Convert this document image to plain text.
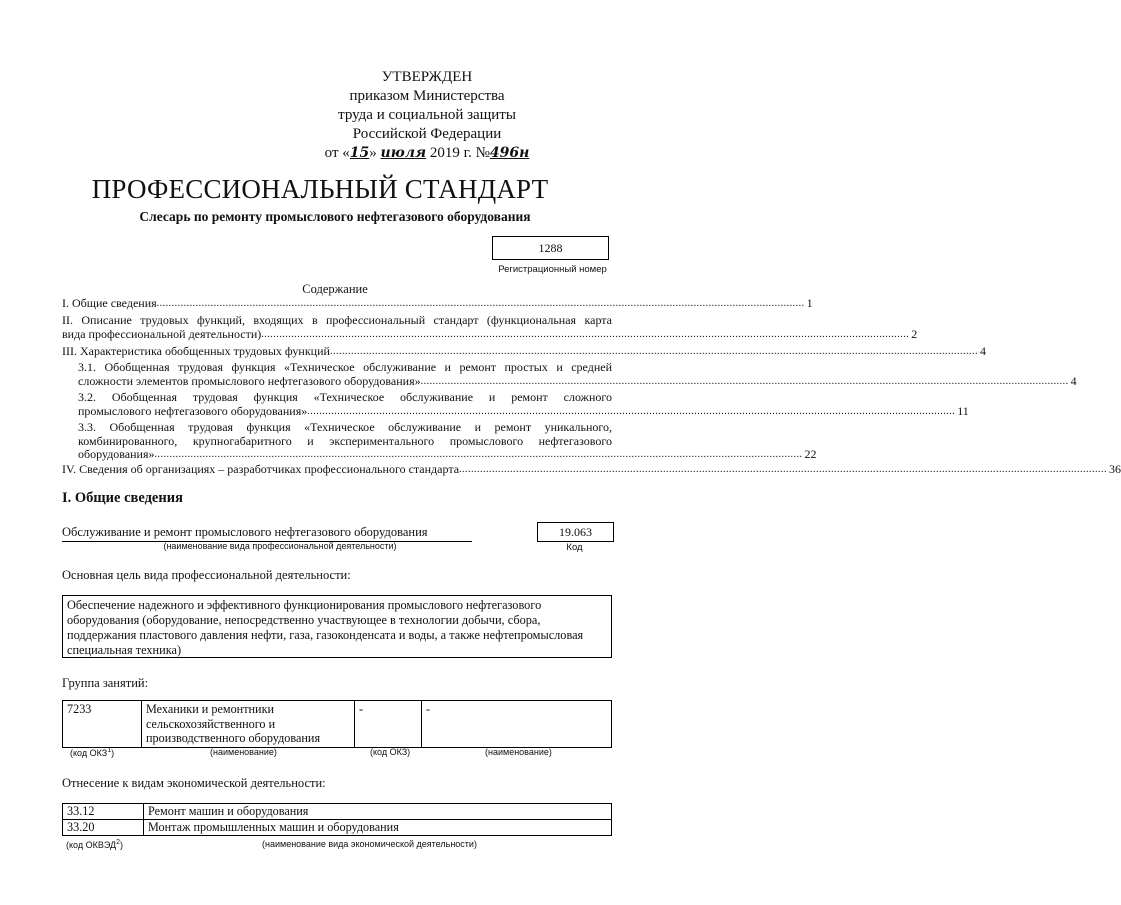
УТВЕРЖДЕН
приказом Министерства
труда и социальной защиты
Российской Федерации
от «15» июля 2019 г. №496н
ПРОФЕССИОНАЛЬНЫЙ СТАНДАРТ
Слесарь по ремонту промыслового нефтегазового оборудования
1288
Регистрационный номер
Содержание
I. Общие сведения ........................................................................................................................................................................................................................ 1
II. Описание трудовых функций, входящих в профессиональный стандарт (функциональная карта
вида профессиональной деятельности) ........................................................................................................................................................................................................................ 2
III. Характеристика обобщенных трудовых функций ........................................................................................................................................................................................................................ 4
3.1. Обобщенная трудовая функция «Техническое обслуживание и ремонт простых и средней
сложности элементов промыслового нефтегазового оборудования» ........................................................................................................................................................................................................................ 4
3.2. Обобщенная трудовая функция «Техническое обслуживание и ремонт сложного
промыслового нефтегазового оборудования» ........................................................................................................................................................................................................................ 11
3.3. Обобщенная трудовая функция «Техническое обслуживание и ремонт уникального,
комбинированного, крупногабаритного и экспериментального промыслового нефтегазового
оборудования» ........................................................................................................................................................................................................................ 22
IV. Сведения об организациях – разработчиках профессионального стандарта ........................................................................................................................................................................................................................ 36
I. Общие сведения
Обслуживание и ремонт промыслового нефтегазового оборудования
(наименование вида профессиональной деятельности)
19.063
Код
Основная цель вида профессиональной деятельности:
Обеспечение надежного и эффективного функционирования промыслового нефтегазового оборудования (оборудование, непосредственно участвующее в технологии добычи, сбора, поддержания пластового давления нефти, газа, газоконденсата и воды, а также нефтепромысловая специальная техника)
Группа занятий:
7233	Механики и ремонтники сельскохозяйственного и производственного оборудования	-	-
(код ОКЗ$^1$)	(наименование)	(код ОКЗ)	(наименование)
Отнесение к видам экономической деятельности:
33.12	Ремонт машин и оборудования
33.20	Монтаж промышленных машин и оборудования
(код ОКВЭД$^2$)	(наименование вида экономической деятельности)
